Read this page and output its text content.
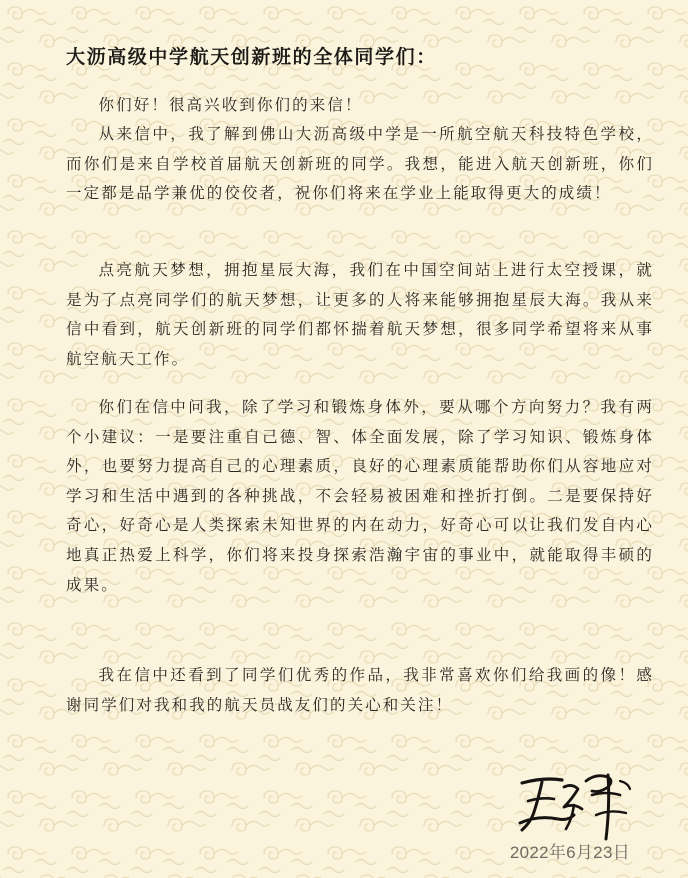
大沥高级中学航天创新班的全体同学们：
你们好！很高兴收到你们的来信！
从来信中，我了解到佛山大沥高级中学是一所航空航天科技特色学校，而你们是来自学校首届航天创新班的同学。我想，能进入航天创新班，你们一定都是品学兼优的佼佼者，祝你们将来在学业上能取得更大的成绩！
点亮航天梦想，拥抱星辰大海，我们在中国空间站上进行太空授课，就是为了点亮同学们的航天梦想，让更多的人将来能够拥抱星辰大海。我从来信中看到，航天创新班的同学们都怀揣着航天梦想，很多同学希望将来从事航空航天工作。
你们在信中问我，除了学习和锻炼身体外，要从哪个方向努力？我有两个小建议：一是要注重自己德、智、体全面发展，除了学习知识、锻炼身体外，也要努力提高自己的心理素质，良好的心理素质能帮助你们从容地应对学习和生活中遇到的各种挑战，不会轻易被困难和挫折打倒。二是要保持好奇心，好奇心是人类探索未知世界的内在动力，好奇心可以让我们发自内心地真正热爱上科学，你们将来投身探索浩瀚宇宙的事业中，就能取得丰硕的成果。
我在信中还看到了同学们优秀的作品，我非常喜欢你们给我画的像！感谢同学们对我和我的航天员战友们的关心和关注！
2022年6月23日
